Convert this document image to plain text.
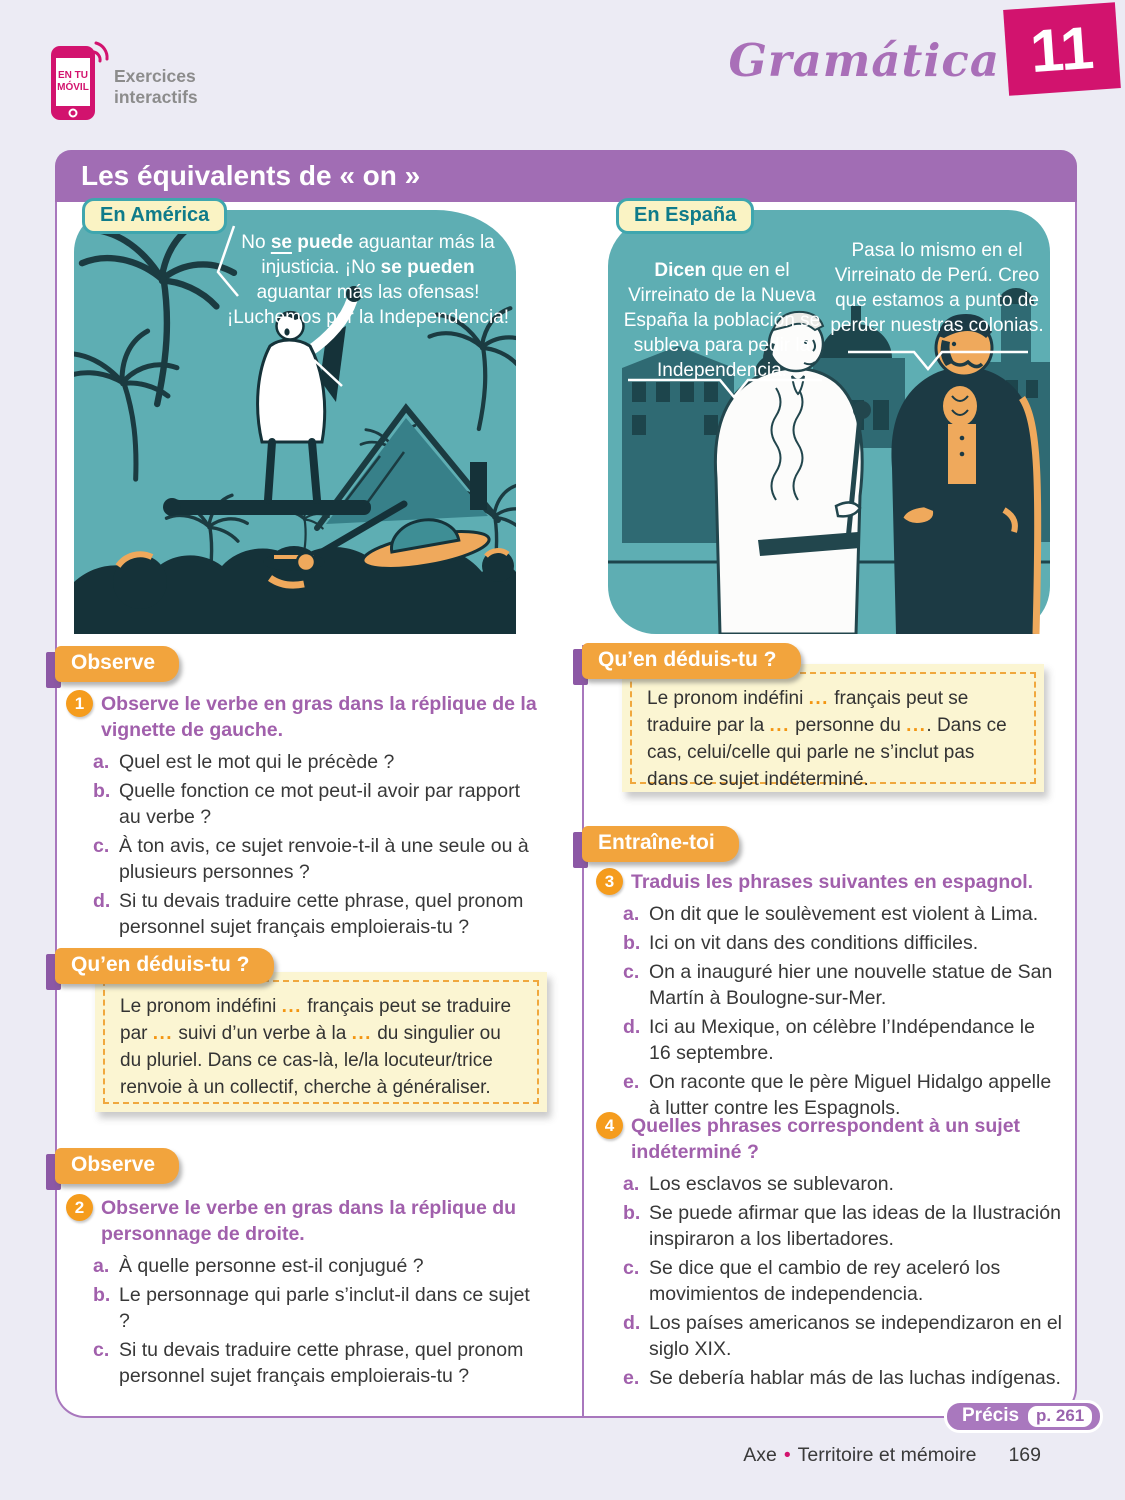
EN TU
MÓVIL
Exercices
interactifs
Gramática 11
Les équivalents de « on »
En América
No se puede aguantar más la injusticia. ¡No se pueden aguantar más las ofensas! ¡Luchemos por la Independencia!
En España
Dicen que en el Virreinato de la Nueva España la población se subleva para pedir la Independencia.
Pasa lo mismo en el Virreinato de Perú. Creo que estamos a punto de perder nuestras colonias.
Observe
1 Observe le verbe en gras dans la réplique de la vignette de gauche.
a. Quel est le mot qui le précède ?
b. Quelle fonction ce mot peut-il avoir par rapport au verbe ?
c. À ton avis, ce sujet renvoie-t-il à une seule ou à plusieurs personnes ?
d. Si tu devais traduire cette phrase, quel pronom personnel sujet français emploierais-tu ?
Qu’en déduis-tu ?
Le pronom indéfini ... français peut se traduire par ... suivi d’un verbe à la ... du singulier ou du pluriel. Dans ce cas-là, le/la locuteur/trice renvoie à un collectif, cherche à généraliser.
Observe
2 Observe le verbe en gras dans la réplique du personnage de droite.
a. À quelle personne est-il conjugué ?
b. Le personnage qui parle s’inclut-il dans ce sujet ?
c. Si tu devais traduire cette phrase, quel pronom personnel sujet français emploierais-tu ?
Qu’en déduis-tu ?
Le pronom indéfini ... français peut se traduire par la ... personne du .... Dans ce cas, celui/celle qui parle ne s’inclut pas dans ce sujet indéterminé.
Entraîne-toi
3 Traduis les phrases suivantes en espagnol.
a. On dit que le soulèvement est violent à Lima.
b. Ici on vit dans des conditions difficiles.
c. On a inauguré hier une nouvelle statue de San Martín à Boulogne-sur-Mer.
d. Ici au Mexique, on célèbre l’Indépendance le 16 septembre.
e. On raconte que le père Miguel Hidalgo appelle à lutter contre les Espagnols.
4 Quelles phrases correspondent à un sujet indéterminé ?
a. Los esclavos se sublevaron.
b. Se puede afirmar que las ideas de la Ilustración inspiraron a los libertadores.
c. Se dice que el cambio de rey aceleró los movimientos de independencia.
d. Los países americanos se independizaron en el siglo XIX.
e. Se debería hablar más de las luchas indígenas.
Précis	p. 261
Axe • Territoire et mémoire 169
